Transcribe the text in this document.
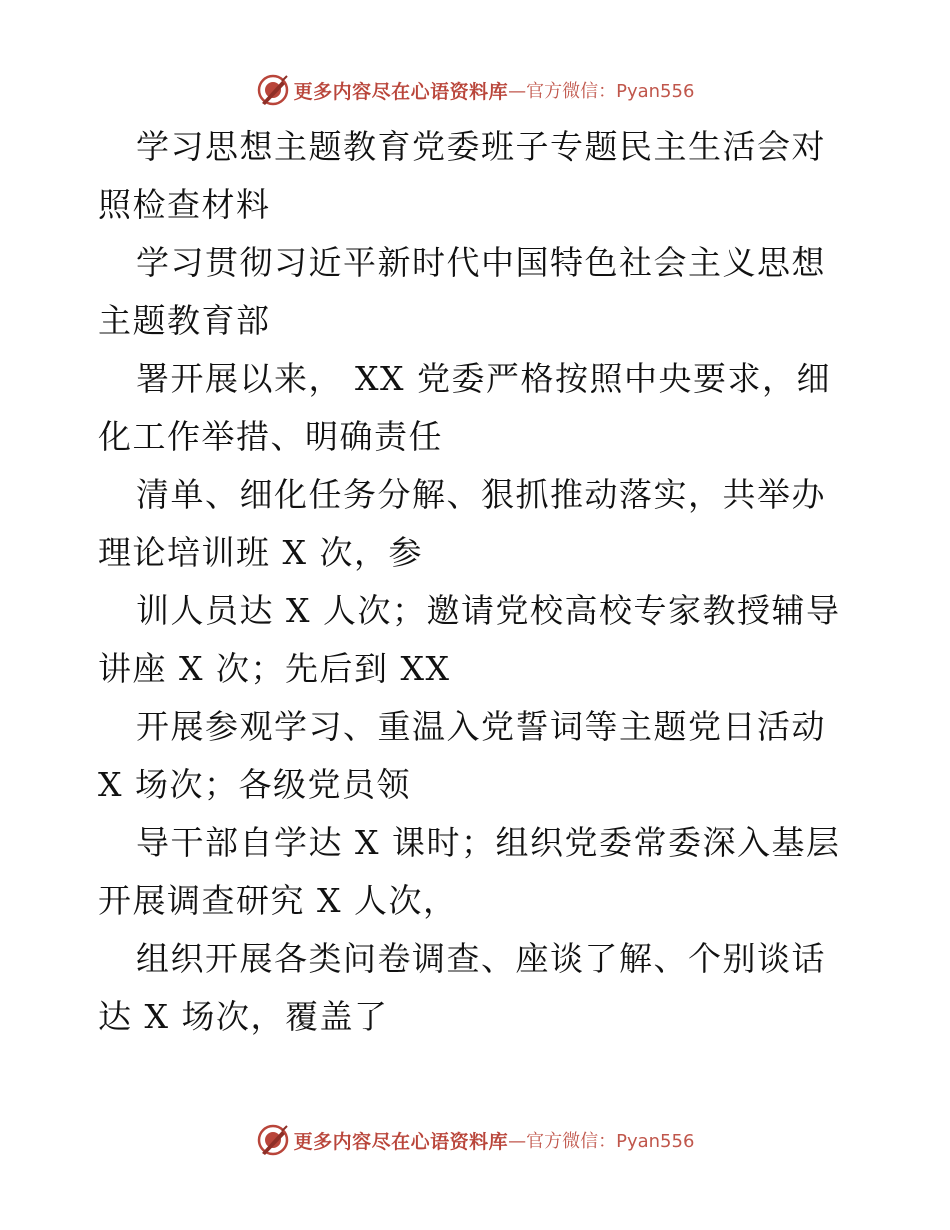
更多内容尽在心语资料库 —官方微信：Pyan556

学习思想主题教育党委班子专题民主生活会对照检查材料

学习贯彻习近平新时代中国特色社会主义思想主题教育部

署开展以来， XX 党委严格按照中央要求，细化工作举措、明确责任

清单、细化任务分解、狠抓推动落实，共举办理论培训班 X 次，参

训人员达 X 人次；邀请党校高校专家教授辅导讲座 X 次；先后到 XX

开展参观学习、重温入党誓词等主题党日活动 X 场次；各级党员领

导干部自学达 X 课时；组织党委常委深入基层开展调查研究 X 人次，

组织开展各类问卷调查、座谈了解、个别谈话达 X 场次，覆盖了

更多内容尽在心语资料库 —官方微信：Pyan556
